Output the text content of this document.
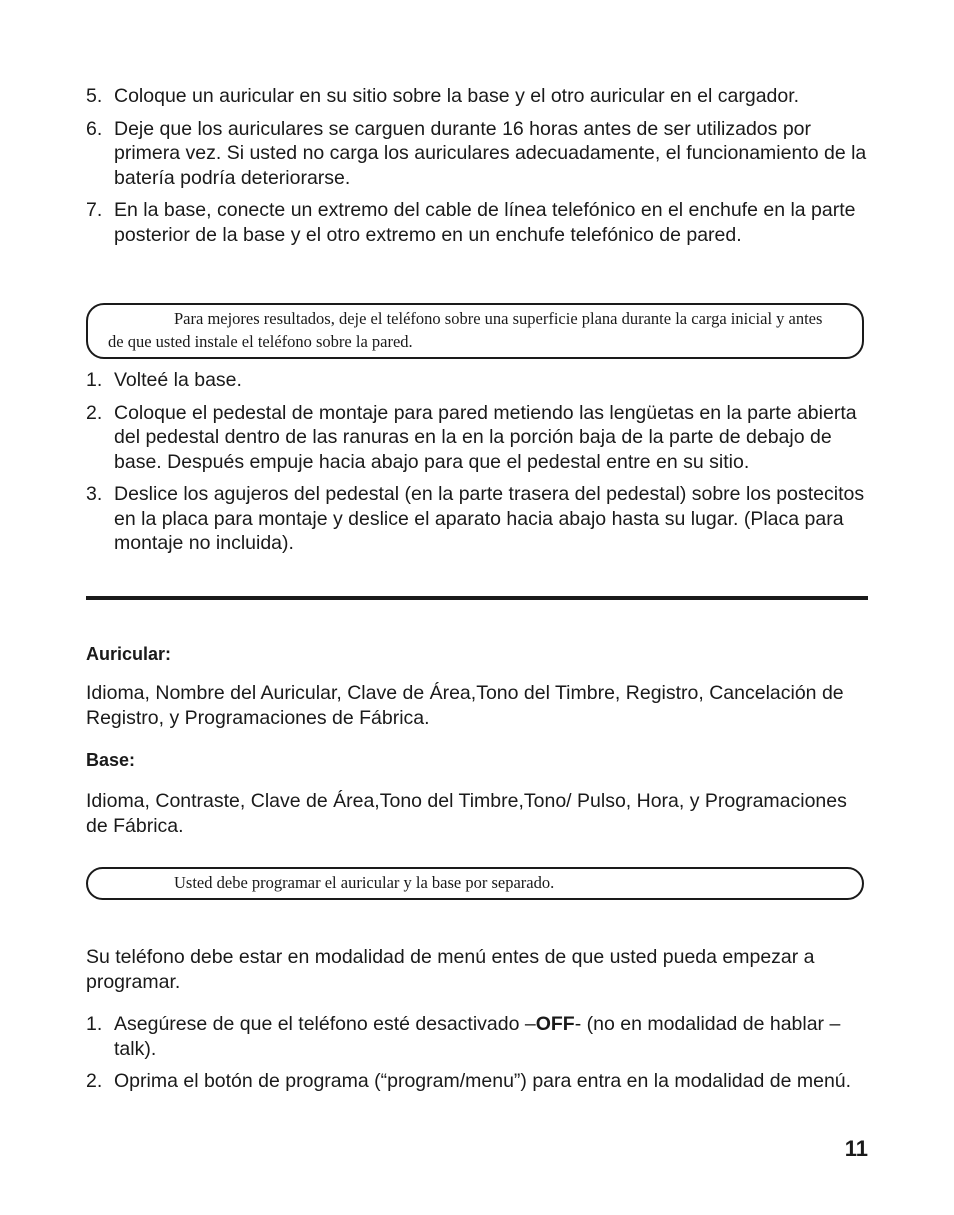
5. Coloque un auricular en su sitio sobre la base y el otro auricular en el cargador.
6. Deje que los auriculares se carguen durante 16 horas antes de ser utilizados por primera vez. Si usted no carga los auriculares adecuadamente, el funcionamiento de la batería podría deteriorarse.
7. En la base, conecte un extremo del cable de línea telefónico en el enchufe en la parte posterior de la base y el otro extremo en un enchufe telefónico de pared.
Para mejores resultados, deje el teléfono sobre una superficie plana durante la carga inicial y antes de que usted instale el teléfono sobre la pared.
1. Volteé la base.
2. Coloque el pedestal de montaje para pared metiendo las lengüetas en la parte abierta del pedestal dentro de las ranuras en la en la porción baja de la parte de debajo de base. Después empuje hacia abajo para que el pedestal entre en su sitio.
3. Deslice los agujeros del pedestal (en la parte trasera del pedestal) sobre los postecitos en la placa para montaje y deslice el aparato hacia abajo hasta su lugar. (Placa para montaje no incluida).
Auricular:

Idioma, Nombre del Auricular, Clave de Área,Tono del Timbre, Registro, Cancelación de Registro, y Programaciones de Fábrica.

Base:

Idioma, Contraste, Clave de Área,Tono del Timbre,Tono/ Pulso, Hora, y Programaciones de Fábrica.

Usted debe programar el auricular y la base por separado.

Su teléfono debe estar en modalidad de menú entes de que usted pueda empezar a programar.

1. Asegúrese de que el teléfono esté desactivado –OFF- (no en modalidad de hablar –talk).
2. Oprima el botón de programa (“program/menu”) para entra en la modalidad de menú.
11
